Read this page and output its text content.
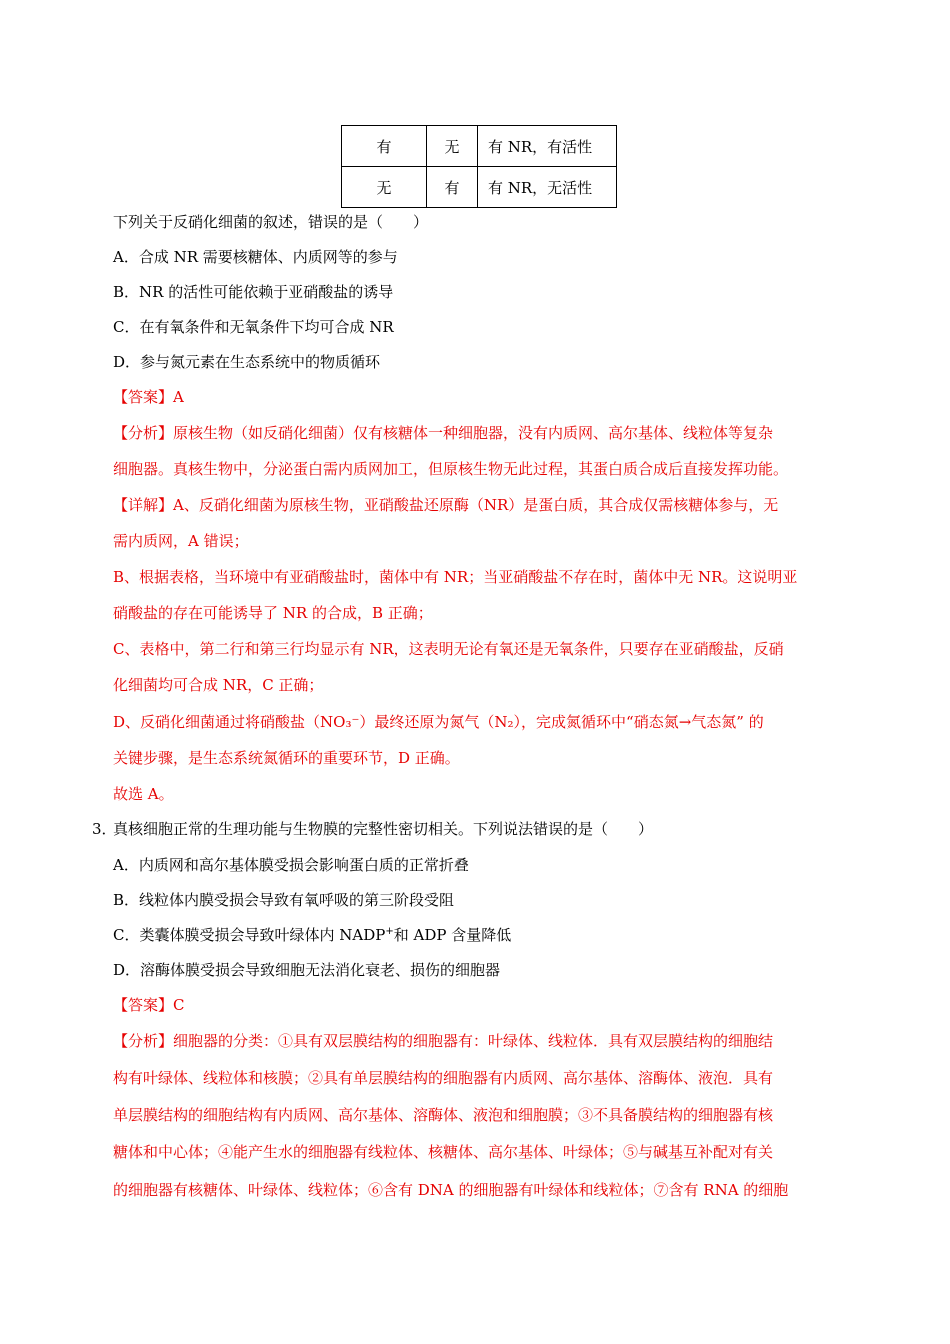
有	无	有 NR，有活性
无	有	有 NR，无活性
下列关于反硝化细菌的叙述，错误的是（　　）
A．合成 NR 需要核糖体、内质网等的参与
B．NR 的活性可能依赖于亚硝酸盐的诱导
C．在有氧条件和无氧条件下均可合成 NR
D．参与氮元素在生态系统中的物质循环
【答案】A
【分析】原核生物（如反硝化细菌）仅有核糖体一种细胞器，没有内质网、高尔基体、线粒体等复杂
细胞器。真核生物中，分泌蛋白需内质网加工，但原核生物无此过程，其蛋白质合成后直接发挥功能。
【详解】A、反硝化细菌为原核生物，亚硝酸盐还原酶（NR）是蛋白质，其合成仅需核糖体参与，无
需内质网，A 错误；
B、根据表格，当环境中有亚硝酸盐时，菌体中有 NR；当亚硝酸盐不存在时，菌体中无 NR。这说明亚
硝酸盐的存在可能诱导了 NR 的合成，B 正确；
C、表格中，第二行和第三行均显示有 NR，这表明无论有氧还是无氧条件，只要存在亚硝酸盐，反硝
化细菌均可合成 NR，C 正确；
D、反硝化细菌通过将硝酸盐（NO₃⁻）最终还原为氮气（N₂），完成氮循环中“硝态氮→气态氮” 的
关键步骤，是生态系统氮循环的重要环节，D 正确。
故选 A。
3．
真核细胞正常的生理功能与生物膜的完整性密切相关。下列说法错误的是（　　）
A．内质网和高尔基体膜受损会影响蛋白质的正常折叠
B．线粒体内膜受损会导致有氧呼吸的第三阶段受阻
C．类囊体膜受损会导致叶绿体内 NADP+和 ADP 含量降低
D．溶酶体膜受损会导致细胞无法消化衰老、损伤的细胞器
【答案】C
【分析】细胞器的分类：①具有双层膜结构的细胞器有：叶绿体、线粒体．具有双层膜结构的细胞结
构有叶绿体、线粒体和核膜；②具有单层膜结构的细胞器有内质网、高尔基体、溶酶体、液泡．具有
单层膜结构的细胞结构有内质网、高尔基体、溶酶体、液泡和细胞膜；③不具备膜结构的细胞器有核
糖体和中心体；④能产生水的细胞器有线粒体、核糖体、高尔基体、叶绿体；⑤与碱基互补配对有关
的细胞器有核糖体、叶绿体、线粒体；⑥含有 DNA 的细胞器有叶绿体和线粒体；⑦含有 RNA 的细胞
